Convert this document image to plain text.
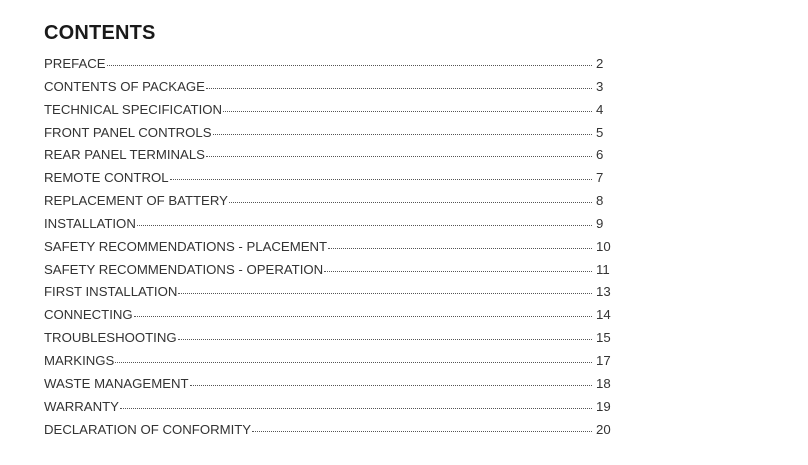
CONTENTS
PREFACE	2
CONTENTS OF PACKAGE	3
TECHNICAL SPECIFICATION	4
FRONT PANEL CONTROLS	5
REAR PANEL TERMINALS	6
REMOTE CONTROL	7
REPLACEMENT OF BATTERY	8
INSTALLATION	9
SAFETY RECOMMENDATIONS - PLACEMENT	10
SAFETY RECOMMENDATIONS - OPERATION	11
FIRST INSTALLATION	13
CONNECTING	14
TROUBLESHOOTING	15
MARKINGS	17
WASTE MANAGEMENT	18
WARRANTY	19
DECLARATION OF CONFORMITY	20
